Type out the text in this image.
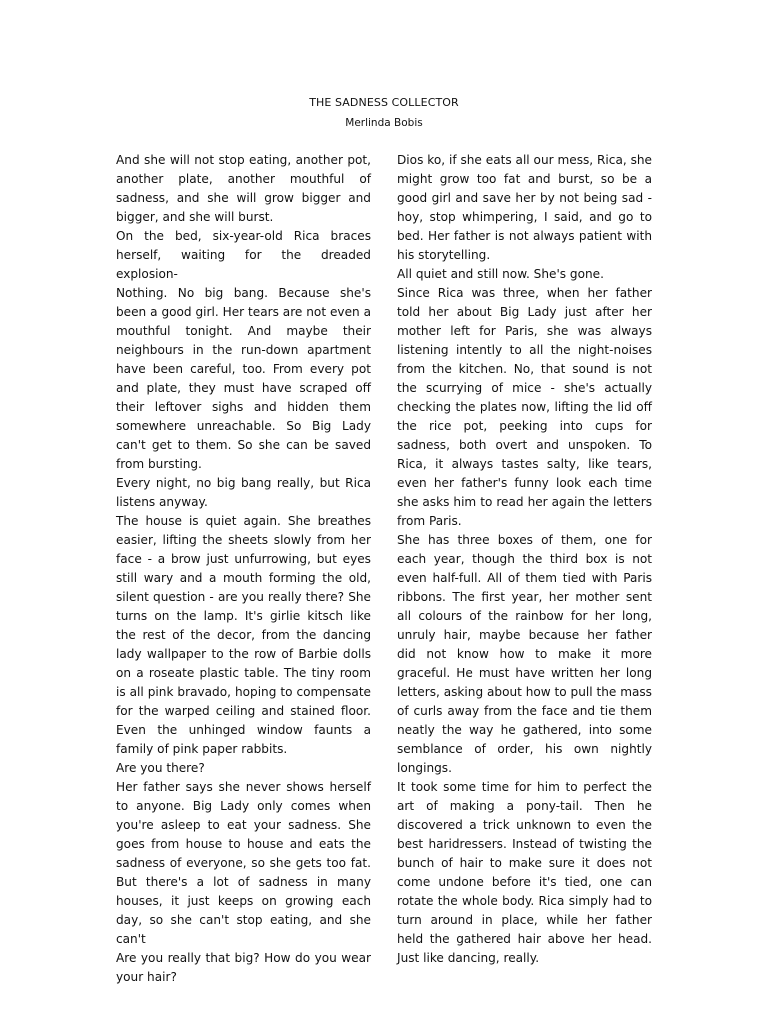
THE SADNESS COLLECTOR
Merlinda Bobis

And she will not stop eating, another pot, another plate, another mouthful of sadness, and she will grow bigger and bigger, and she will burst.

On the bed, six-year-old Rica braces herself, waiting for the dreaded explosion-

Nothing. No big bang. Because she's been a good girl. Her tears are not even a mouthful tonight. And maybe their neighbours in the run-down apartment have been careful, too. From every pot and plate, they must have scraped off their leftover sighs and hidden them somewhere unreachable. So Big Lady can't get to them. So she can be saved from bursting.

Every night, no big bang really, but Rica listens anyway.

The house is quiet again. She breathes easier, lifting the sheets slowly from her face - a brow just unfurrowing, but eyes still wary and a mouth forming the old, silent question - are you really there? She turns on the lamp. It's girlie kitsch like the rest of the decor, from the dancing lady wallpaper to the row of Barbie dolls on a roseate plastic table. The tiny room is all pink bravado, hoping to compensate for the warped ceiling and stained floor. Even the unhinged window faunts a family of pink paper rabbits.

Are you there?

Her father says she never shows herself to anyone. Big Lady only comes when you're asleep to eat your sadness. She goes from house to house and eats the sadness of everyone, so she gets too fat. But there's a lot of sadness in many houses, it just keeps on growing each day, so she can't stop eating, and she can't

Are you really that big? How do you wear your hair?

Dios ko, if she eats all our mess, Rica, she might grow too fat and burst, so be a good girl and save her by not being sad - hoy, stop whimpering, I said, and go to bed. Her father is not always patient with his storytelling.

All quiet and still now. She's gone.

Since Rica was three, when her father told her about Big Lady just after her mother left for Paris, she was always listening intently to all the night-noises from the kitchen. No, that sound is not the scurrying of mice - she's actually checking the plates now, lifting the lid off the rice pot, peeking into cups for sadness, both overt and unspoken. To Rica, it always tastes salty, like tears, even her father's funny look each time she asks him to read her again the letters from Paris.

She has three boxes of them, one for each year, though the third box is not even half-full. All of them tied with Paris ribbons. The first year, her mother sent all colours of the rainbow for her long, unruly hair, maybe because her father did not know how to make it more graceful. He must have written her long letters, asking about how to pull the mass of curls away from the face and tie them neatly the way he gathered, into some semblance of order, his own nightly longings.

It took some time for him to perfect the art of making a pony-tail. Then he discovered a trick unknown to even the best haridressers. Instead of twisting the bunch of hair to make sure it does not come undone before it's tied, one can rotate the whole body. Rica simply had to turn around in place, while her father held the gathered hair above her head. Just like dancing, really.
